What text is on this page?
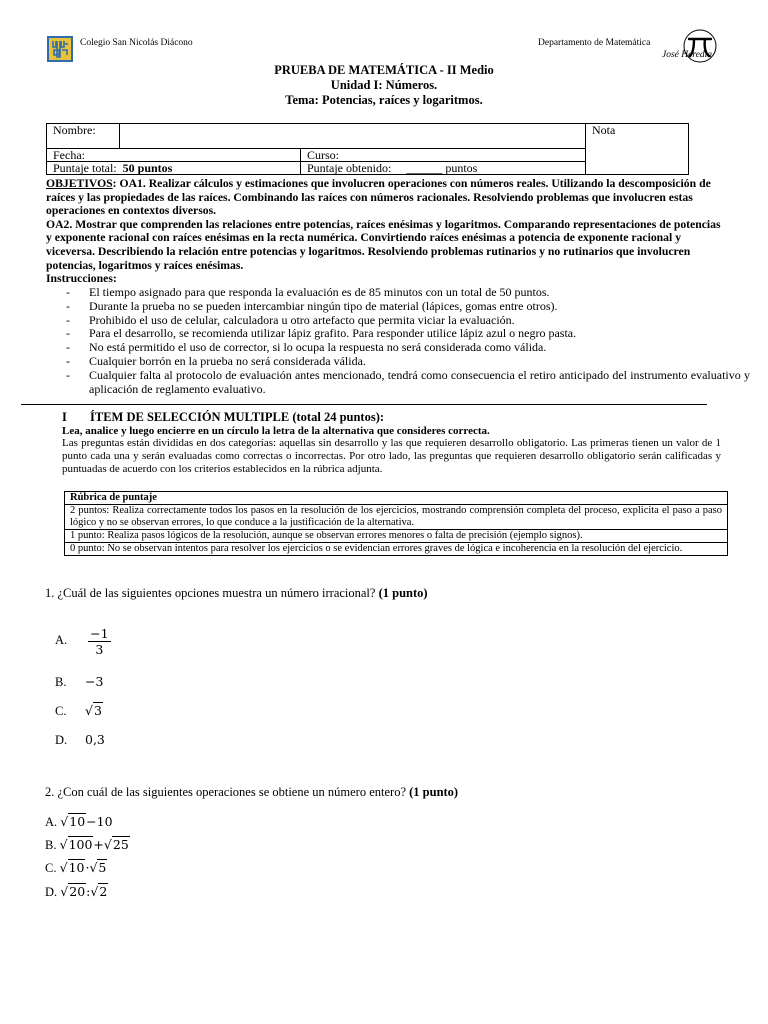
Colegio San Nicolás Diácono	Departamento de Matemática
José Heredia
PRUEBA DE MATEMÁTICA - II Medio
Unidad I: Números.
Tema: Potencias, raíces y logaritmos.
Nombre:			Nota
Fecha:		Curso:	
Puntaje total: 50 puntos		Puntaje obtenido: ______ puntos	
OBJETIVOS: OA1. Realizar cálculos y estimaciones que involucren operaciones con números reales. Utilizando la descomposición de raíces y las propiedades de las raíces. Combinando las raíces con números racionales. Resolviendo problemas que involucren estas operaciones en contextos diversos.
OA2. Mostrar que comprenden las relaciones entre potencias, raíces enésimas y logaritmos. Comparando representaciones de potencias y exponente racional con raíces enésimas en la recta numérica. Convirtiendo raíces enésimas a potencia de exponente racional y viceversa. Describiendo la relación entre potencias y logaritmos. Resolviendo problemas rutinarios y no rutinarios que involucren potencias, logaritmos y raíces enésimas.
Instrucciones:
- El tiempo asignado para que responda la evaluación es de 85 minutos con un total de 50 puntos.
- Durante la prueba no se pueden intercambiar ningún tipo de material (lápices, gomas entre otros).
- Prohibido el uso de celular, calculadora u otro artefacto que permita viciar la evaluación.
- Para el desarrollo, se recomienda utilizar lápiz grafito. Para responder utilice lápiz azul o negro pasta.
- No está permitido el uso de corrector, si lo ocupa la respuesta no será considerada como válida.
- Cualquier borrón en la prueba no será considerada válida.
- Cualquier falta al protocolo de evaluación antes mencionado, tendrá como consecuencia el retiro anticipado del instrumento evaluativo y aplicación de reglamento evaluativo.
I ÍTEM DE SELECCIÓN MULTIPLE (total 24 puntos):
Lea, analice y luego encierre en un círculo la letra de la alternativa que consideres correcta.
Las preguntas están divididas en dos categorías: aquellas sin desarrollo y las que requieren desarrollo obligatorio. Las primeras tienen un valor de 1 punto cada una y serán evaluadas como correctas o incorrectas. Por otro lado, las preguntas que requieren desarrollo obligatorio serán calificadas y puntuadas de acuerdo con los criterios establecidos en la rúbrica adjunta.
Rúbrica de puntaje
2 puntos: Realiza correctamente todos los pasos en la resolución de los ejercicios, mostrando comprensión completa del proceso, explicita el paso a paso lógico y no se observan errores, lo que conduce a la justificación de la alternativa.
1 punto: Realiza pasos lógicos de la resolución, aunque se observan errores menores o falta de precisión (ejemplo signos).
0 punto: No se observan intentos para resolver los ejercicios o se evidencian errores graves de lógica e incoherencia en la resolución del ejercicio.
1. ¿Cuál de las siguientes opciones muestra un número irracional? (1 punto)
A. $\frac{-1}{3}$
B. −3
C. √3
D. 0,3
2. ¿Con cuál de las siguientes operaciones se obtiene un número entero? (1 punto)
A. √10−10
B. √100+√25
C. √10·√5
D. √20:√2
